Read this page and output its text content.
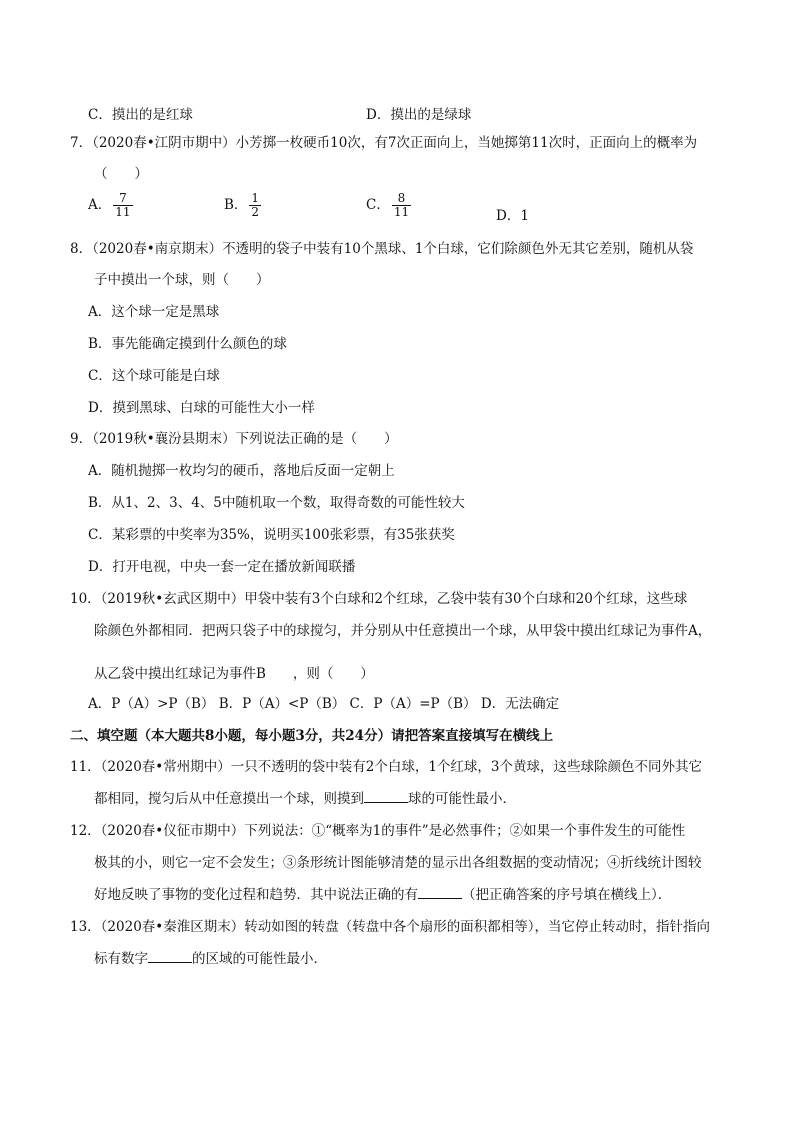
C．摸出的是红球	D．摸出的是绿球
7．（2020春•江阴市期中）小芳掷一枚硬币10次，有7次正面向上，当她掷第11次时，正面向上的概率为
（　　）
A． $\frac{7}{11}$	B． $\frac{1}{2}$	C． $\frac{8}{11}$	D．1
8．（2020春•南京期末）不透明的袋子中装有10个黑球、1个白球，它们除颜色外无其它差别，随机从袋
子中摸出一个球，则（　　）
A．这个球一定是黑球
B．事先能确定摸到什么颜色的球
C．这个球可能是白球
D．摸到黑球、白球的可能性大小一样
9．（2019秋•襄汾县期末）下列说法正确的是（　　）
A．随机抛掷一枚均匀的硬币，落地后反面一定朝上
B．从1、2、3、4、5中随机取一个数，取得奇数的可能性较大
C．某彩票的中奖率为35%，说明买100张彩票，有35张获奖
D．打开电视，中央一套一定在播放新闻联播
10．（2019秋•玄武区期中）甲袋中装有3个白球和2个红球，乙袋中装有30个白球和20个红球，这些球
除颜色外都相同．把两只袋子中的球搅匀，并分别从中任意摸出一个球，从甲袋中摸出红球记为事件A，
从乙袋中摸出红球记为事件B　　，则（　　）
A．P（A）>P（B） B．P（A）<P（B） C．P（A）=P（B） D．无法确定
二、填空题（本大题共8小题，每小题3分，共24分）请把答案直接填写在横线上
11．（2020春•常州期中）一只不透明的袋中装有2个白球，1个红球，3个黄球，这些球除颜色不同外其它
都相同，搅匀后从中任意摸出一个球，则摸到	球的可能性最小．
12．（2020春•仪征市期中）下列说法：①“概率为1的事件”是必然事件；②如果一个事件发生的可能性
极其的小，则它一定不会发生；③条形统计图能够清楚的显示出各组数据的变动情况；④折线统计图较
好地反映了事物的变化过程和趋势．其中说法正确的有	（把正确答案的序号填在横线上）．
13．（2020春•秦淮区期末）转动如图的转盘（转盘中各个扇形的面积都相等），当它停止转动时，指针指向
标有数字	的区域的可能性最小．
